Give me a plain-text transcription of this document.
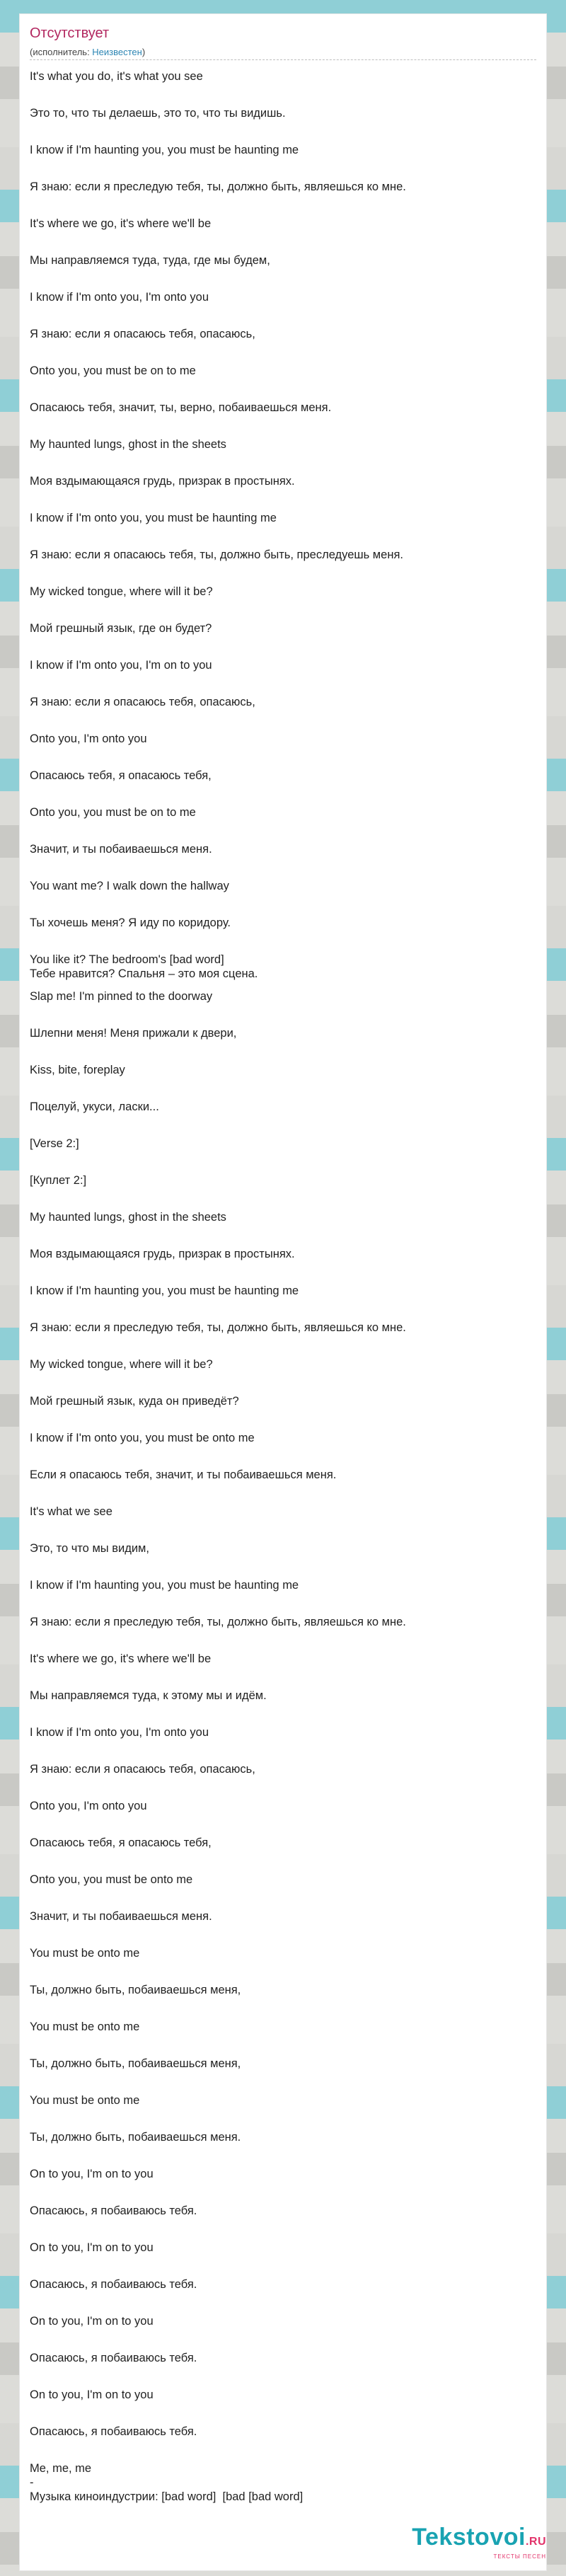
Отсутствует
(исполнитель: Неизвестен)
It's what you do, it's what you see
Это то, что ты делаешь, это то, что ты видишь.
I know if I'm haunting you, you must be haunting me
Я знаю: если я преследую тебя, ты, должно быть, являешься ко мне.
It's where we go, it's where we'll be
Мы направляемся туда, туда, где мы будем,
I know if I'm onto you, I'm onto you
Я знаю: если я опасаюсь тебя, опасаюсь,
Onto you, you must be on to me
Опасаюсь тебя, значит, ты, верно, побаиваешься меня.
My haunted lungs, ghost in the sheets
Моя вздымающаяся грудь, призрак в простынях.
I know if I'm onto you, you must be haunting me
Я знаю: если я опасаюсь тебя, ты, должно быть, преследуешь меня.
My wicked tongue, where will it be?
Мой грешный язык, где он будет?
I know if I'm onto you, I'm on to you
Я знаю: если я опасаюсь тебя, опасаюсь,
Onto you, I'm onto you
Опасаюсь тебя, я опасаюсь тебя,
Onto you, you must be on to me
Значит, и ты побаиваешься меня.
You want me? I walk down the hallway
Ты хочешь меня? Я иду по коридору.
You like it? The bedroom's [bad word]
Тебе нравится? Спальня – это моя сцена.
Slap me! I'm pinned to the doorway
Шлепни меня! Меня прижали к двери,
Kiss, bite, foreplay
Поцелуй, укуси, ласки...
[Verse 2:]
[Куплет 2:]
My haunted lungs, ghost in the sheets
Моя вздымающаяся грудь, призрак в простынях.
I know if I'm haunting you, you must be haunting me
Я знаю: если я преследую тебя, ты, должно быть, являешься ко мне.
My wicked tongue, where will it be?
Мой грешный язык, куда он приведёт?
I know if I'm onto you, you must be onto me
Если я опасаюсь тебя, значит, и ты побаиваешься меня.
It's what we see
Это, то что мы видим,
I know if I'm haunting you, you must be haunting me
Я знаю: если я преследую тебя, ты, должно быть, являешься ко мне.
It's where we go, it's where we'll be
Мы направляемся туда, к этому мы и идём.
I know if I'm onto you, I'm onto you
Я знаю: если я опасаюсь тебя, опасаюсь,
Onto you, I'm onto you
Опасаюсь тебя, я опасаюсь тебя,
Onto you, you must be onto me
Значит, и ты побаиваешься меня.
You must be onto me
Ты, должно быть, побаиваешься меня,
You must be onto me
Ты, должно быть, побаиваешься меня,
You must be onto me
Ты, должно быть, побаиваешься меня.
On to you, I'm on to you
Опасаюсь, я побаиваюсь тебя.
On to you, I'm on to you
Опасаюсь, я побаиваюсь тебя.
On to you, I'm on to you
Опасаюсь, я побаиваюсь тебя.
On to you, I'm on to you
Опасаюсь, я побаиваюсь тебя.
Me, me, me
-
Музыка киноиндустрии: [bad word]  [bad [bad word]
Tekstovoi.RU
ТЕКСТЫ ПЕСЕН
